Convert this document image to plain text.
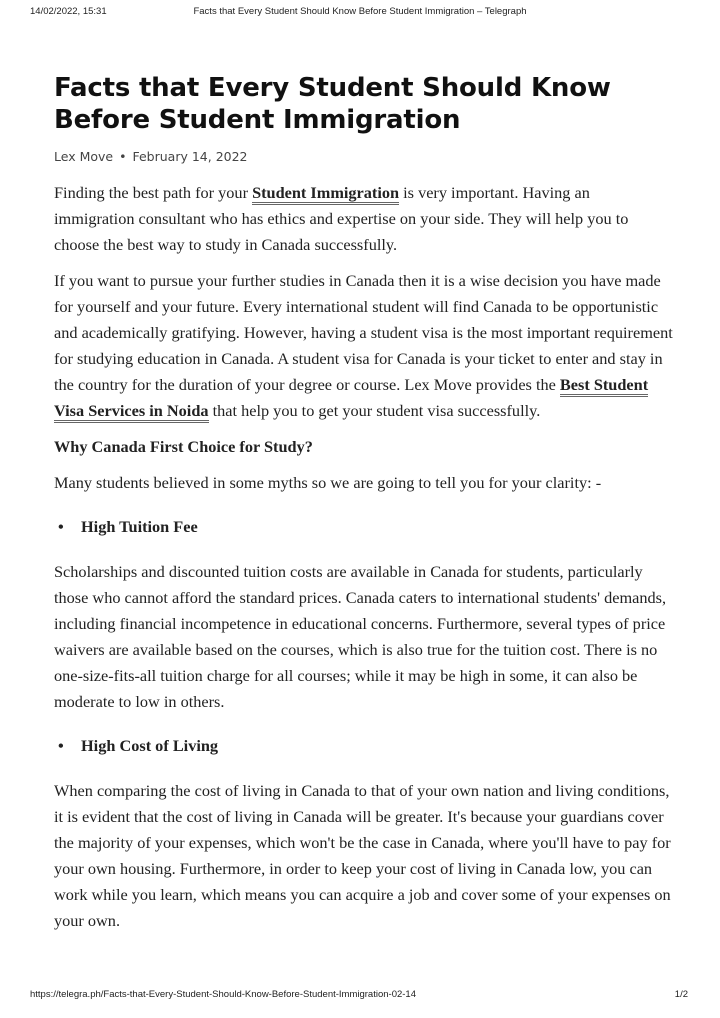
14/02/2022, 15:31	Facts that Every Student Should Know Before Student Immigration – Telegraph
Facts that Every Student Should Know Before Student Immigration
Lex Move • February 14, 2022

Finding the best path for your Student Immigration is very important. Having an immigration consultant who has ethics and expertise on your side. They will help you to choose the best way to study in Canada successfully.

If you want to pursue your further studies in Canada then it is a wise decision you have made for yourself and your future. Every international student will find Canada to be opportunistic and academically gratifying. However, having a student visa is the most important requirement for studying education in Canada. A student visa for Canada is your ticket to enter and stay in the country for the duration of your degree or course. Lex Move provides the Best Student Visa Services in Noida that help you to get your student visa successfully.

Why Canada First Choice for Study?

Many students believed in some myths so we are going to tell you for your clarity: -

• High Tuition Fee

Scholarships and discounted tuition costs are available in Canada for students, particularly those who cannot afford the standard prices. Canada caters to international students' demands, including financial incompetence in educational concerns. Furthermore, several types of price waivers are available based on the courses, which is also true for the tuition cost. There is no one-size-fits-all tuition charge for all courses; while it may be high in some, it can also be moderate to low in others.

• High Cost of Living

When comparing the cost of living in Canada to that of your own nation and living conditions, it is evident that the cost of living in Canada will be greater. It's because your guardians cover the majority of your expenses, which won't be the case in Canada, where you'll have to pay for your own housing. Furthermore, in order to keep your cost of living in Canada low, you can work while you learn, which means you can acquire a job and cover some of your expenses on your own.

https://telegra.ph/Facts-that-Every-Student-Should-Know-Before-Student-Immigration-02-14	1/2
